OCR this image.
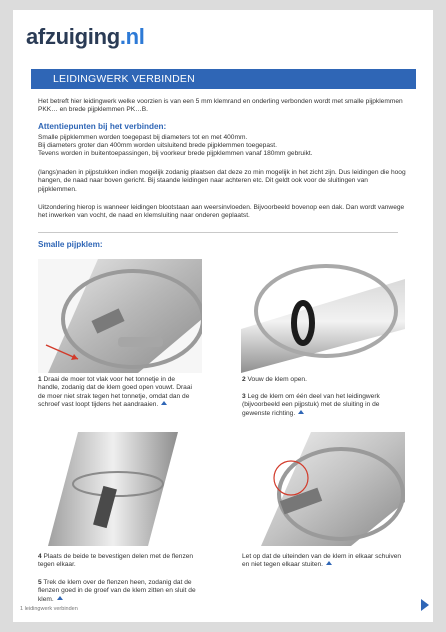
afzuiging.nl
LEIDINGWERK VERBINDEN
Het betreft hier leidingwerk welke voorzien is van een 5 mm klemrand en onderling verbonden wordt met smalle pijpklemmen PKK… en brede pijpklemmen PK…B.
Attentiepunten bij het verbinden:
Smalle pijpklemmen worden toegepast bij diameters tot en met 400mm.
Bij diameters groter dan 400mm worden uitsluitend brede pijpklemmen toegepast.
Tevens worden in buitentoepassingen, bij voorkeur brede pijpklemmen vanaf 180mm gebruikt.
(langs)naden in pijpstukken indien mogelijk zodanig plaatsen dat deze zo min mogelijk in het zicht zijn. Dus leidingen die hoog hangen, de naad naar boven gericht. Bij staande leidingen naar achteren etc. Dit geldt ook voor de sluitingen van pijpklemmen.
Uitzondering hierop is wanneer leidingen blootstaan aan weersinvloeden. Bijvoorbeeld bovenop een dak. Dan wordt vanwege het inwerken van vocht, de naad en klemsluiting naar onderen geplaatst.
Smalle pijpklem:
1 Draai de moer tot vlak voor het tonnetje in de handle, zodanig dat de klem goed open vouwt. Draai de moer niet strak tegen het tonnetje, omdat dan de schroef vast loopt tijdens het aandraaien.
2 Vouw de klem open.
3 Leg de klem om één deel van het leidingwerk (bijvoorbeeld een pijpstuk) met de sluiting in de gewenste richting.
4 Plaats de beide te bevestigen delen met de flenzen tegen elkaar.
5 Trek de klem over de flenzen heen, zodanig dat de flenzen goed in de groef van de klem zitten en sluit de klem.
Let op dat de uiteinden van de klem in elkaar schuiven en niet tegen elkaar stuiten.
1 leidingwerk verbinden
